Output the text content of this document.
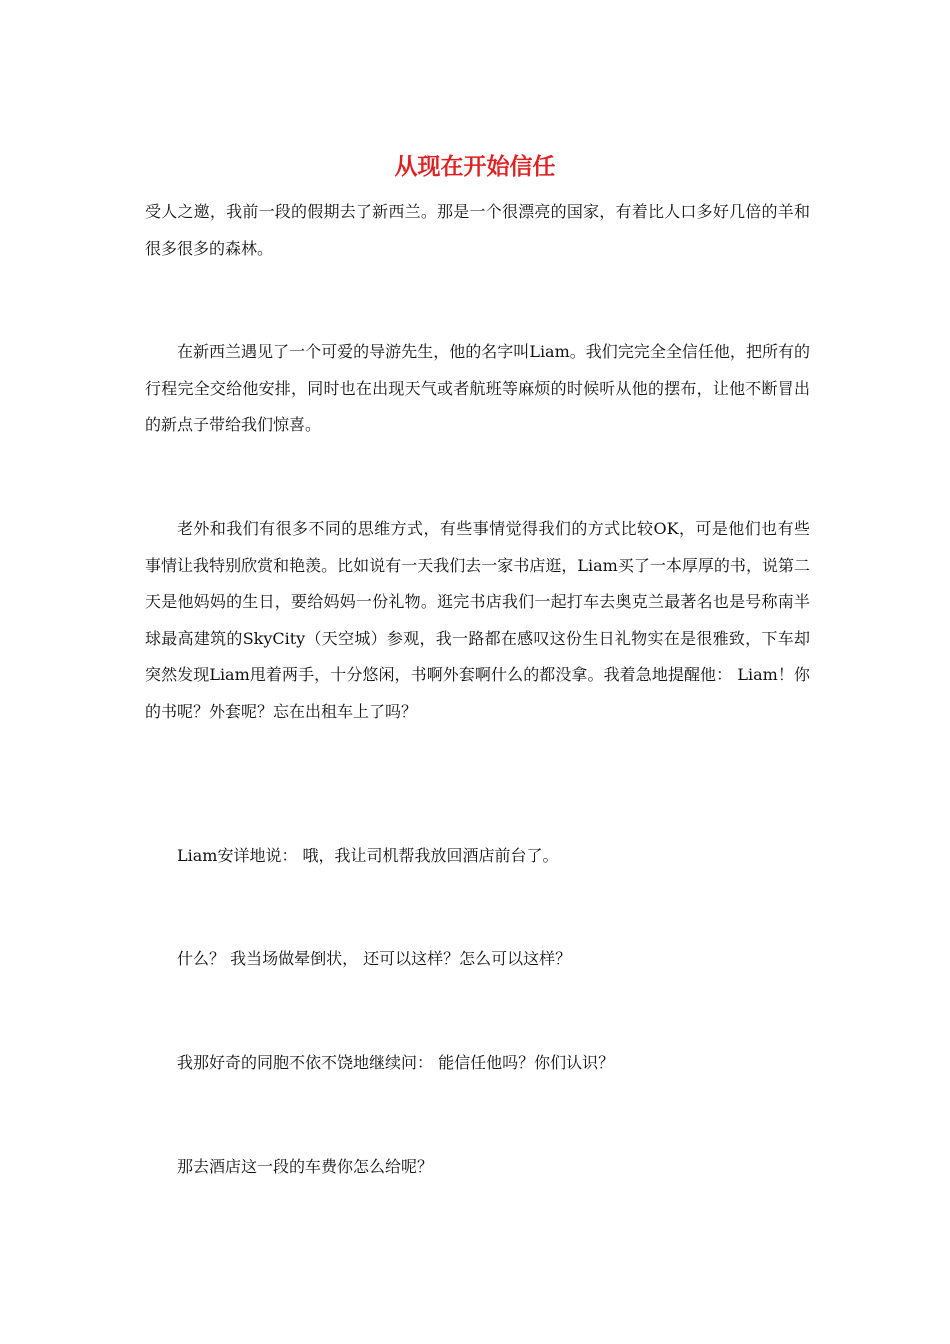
从现在开始信任

受人之邀，我前一段的假期去了新西兰。那是一个很漂亮的国家，有着比人口多好几倍的羊和很多很多的森林。

在新西兰遇见了一个可爱的导游先生，他的名字叫Liam。我们完完全全信任他，把所有的行程完全交给他安排，同时也在出现天气或者航班等麻烦的时候听从他的摆布，让他不断冒出的新点子带给我们惊喜。

老外和我们有很多不同的思维方式，有些事情觉得我们的方式比较OK，可是他们也有些事情让我特别欣赏和艳羡。比如说有一天我们去一家书店逛，Liam买了一本厚厚的书，说第二天是他妈妈的生日，要给妈妈一份礼物。逛完书店我们一起打车去奥克兰最著名也是号称南半球最高建筑的SkyCity（天空城）参观，我一路都在感叹这份生日礼物实在是很雅致，下车却突然发现Liam甩着两手，十分悠闲，书啊外套啊什么的都没拿。我着急地提醒他： Liam！你的书呢？外套呢？忘在出租车上了吗？

Liam安详地说： 哦，我让司机帮我放回酒店前台了。

什么？ 我当场做晕倒状， 还可以这样？怎么可以这样？

我那好奇的同胞不依不饶地继续问： 能信任他吗？你们认识？

那去酒店这一段的车费你怎么给呢？
